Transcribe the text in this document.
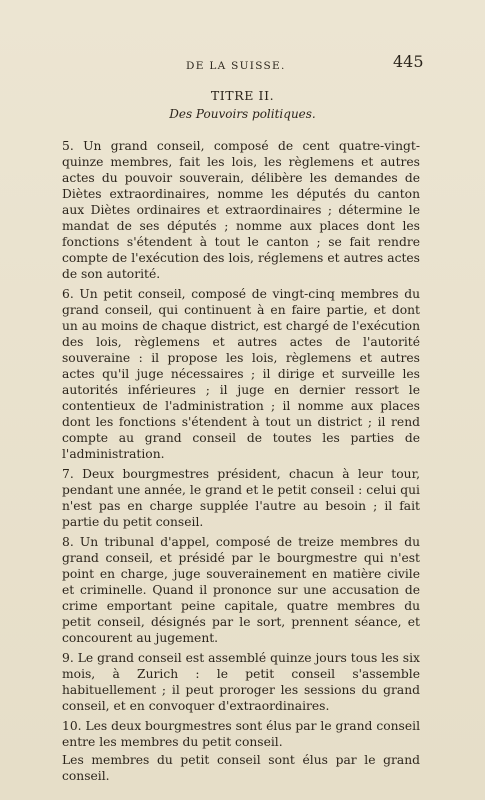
DE LA SUISSE.	445
TITRE II.
Des Pouvoirs politiques.

5. Un grand conseil, composé de cent quatre-vingt-quinze membres, fait les lois, les règlemens et autres actes du pouvoir souverain, délibère les demandes de Diètes extraordinaires, nomme les députés du canton aux Diètes ordinaires et extraordinaires ; détermine le mandat de ses députés ; nomme aux places dont les fonctions s'étendent à tout le canton ; se fait rendre compte de l'exécution des lois, réglemens et autres actes de son autorité.

6. Un petit conseil, composé de vingt-cinq membres du grand conseil, qui continuent à en faire partie, et dont un au moins de chaque district, est chargé de l'exécution des lois, règlemens et autres actes de l'autorité souveraine : il propose les lois, règlemens et autres actes qu'il juge nécessaires ; il dirige et surveille les autorités inférieures ; il juge en dernier ressort le contentieux de l'administration ; il nomme aux places dont les fonctions s'étendent à tout un district ; il rend compte au grand conseil de toutes les parties de l'administration.

7. Deux bourgmestres président, chacun à leur tour, pendant une année, le grand et le petit conseil : celui qui n'est pas en charge supplée l'autre au besoin ; il fait partie du petit conseil.

8. Un tribunal d'appel, composé de treize membres du grand conseil, et présidé par le bourgmestre qui n'est point en charge, juge souverainement en matière civile et criminelle. Quand il prononce sur une accusation de crime emportant peine capitale, quatre membres du petit conseil, désignés par le sort, prennent séance, et concourent au jugement.

9. Le grand conseil est assemblé quinze jours tous les six mois, à Zurich : le petit conseil s'assemble habituellement ; il peut proroger les sessions du grand conseil, et en convoquer d'extraordinaires.

10. Les deux bourgmestres sont élus par le grand conseil entre les membres du petit conseil.

Les membres du petit conseil sont élus par le grand conseil.
